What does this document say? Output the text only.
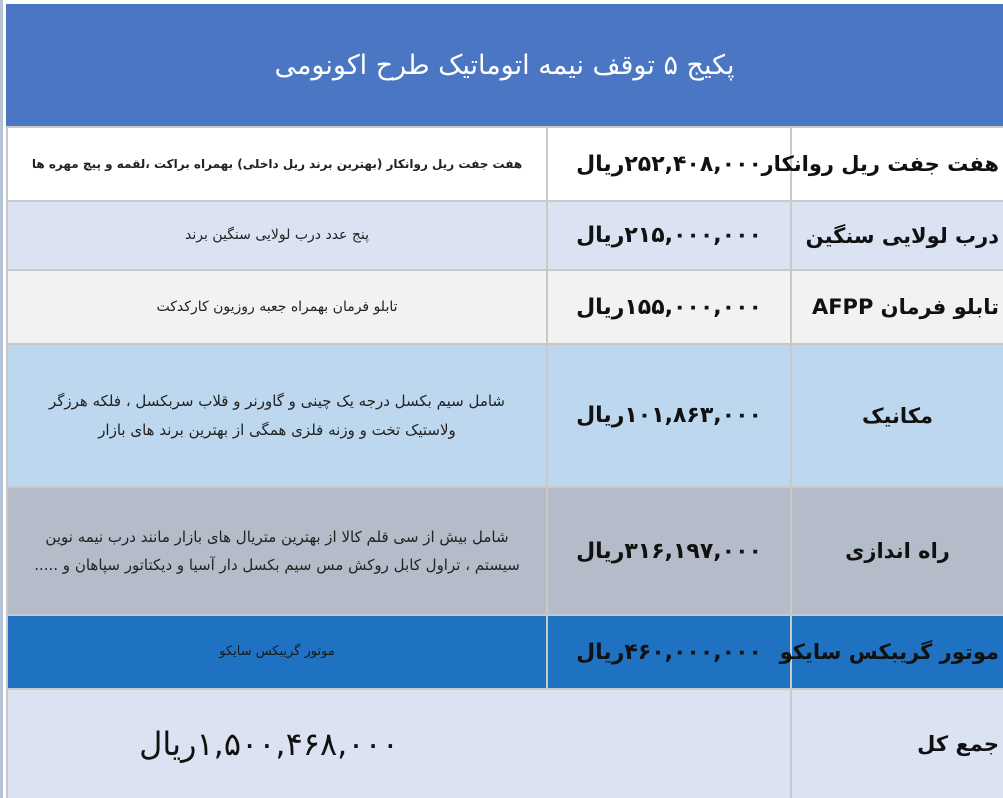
پکیج ۵ توقف نیمه اتوماتیک طرح اکونومی
هفت جفت ریل روانکار
۲۵۲,۴۰۸,۰۰۰ریال
هفت جفت ریل روانکار (بهترین برند ریل داخلی) بهمراه براکت ،لقمه و پیچ مهره ها
درب لولایی سنگین
۲۱۵,۰۰۰,۰۰۰ریال
پنج عدد درب لولایی سنگین برند
تابلو فرمان AFPP
۱۵۵,۰۰۰,۰۰۰ریال
تابلو فرمان بهمراه جعبه روزیون کارکدکت
مکانیک
۱۰۱,۸۶۳,۰۰۰ریال
شامل سیم بکسل درجه یک چینی و گاورنر و قلاب سربکسل ، فلکه هرزگر ولاستیک تخت و وزنه فلزی همگی از بهترین برند های بازار
راه اندازی
۳۱۶,۱۹۷,۰۰۰ریال
شامل بیش از سی قلم کالا از بهترین متریال های بازار مانند درب نیمه نوین سیستم ، تراول کابل روکش مس سیم بکسل دار آسیا و دیکتاتور سپاهان و .....
موتور گریبکس سایکو
۴۶۰,۰۰۰,۰۰۰ریال
موتور گریبکس سایکو
جمع کل
۱,۵۰۰,۴۶۸,۰۰۰ریال
